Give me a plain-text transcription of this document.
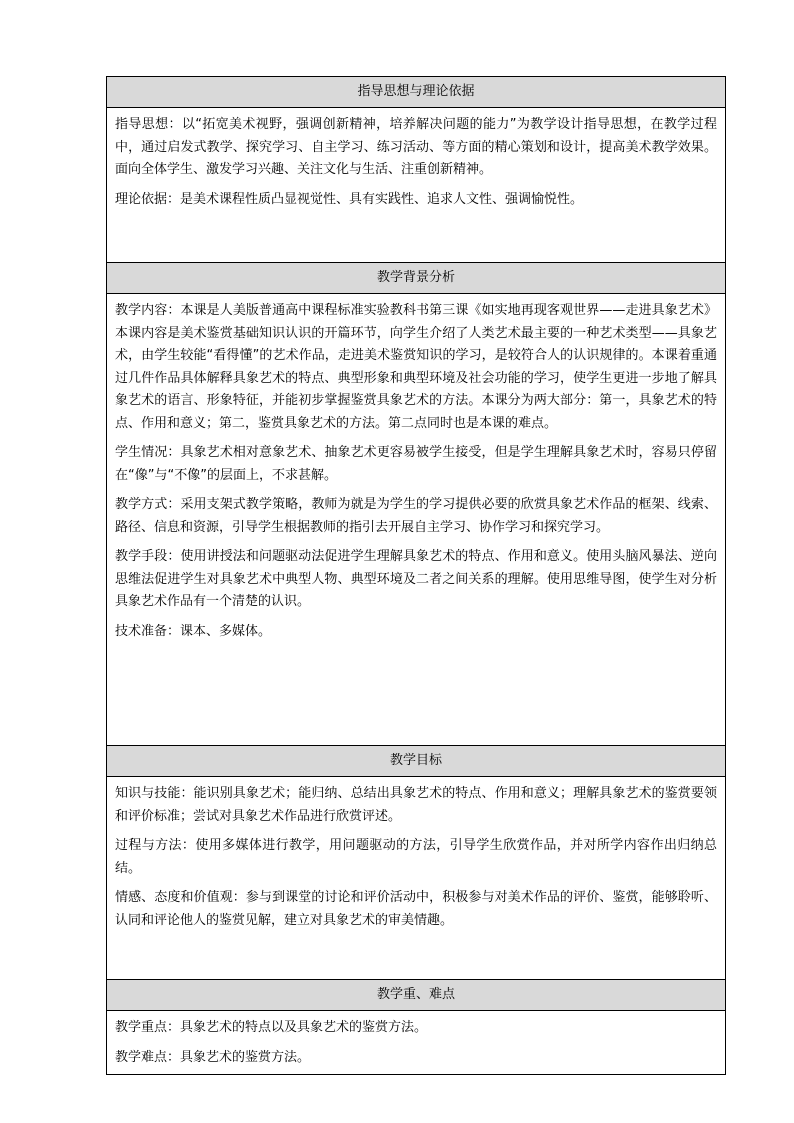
指导思想与理论依据

指导思想：以“拓宽美术视野，强调创新精神，培养解决问题的能力”为教学设计指导思想，在教学过程中，通过启发式教学、探究学习、自主学习、练习活动、等方面的精心策划和设计，提高美术教学效果。面向全体学生、激发学习兴趣、关注文化与生活、注重创新精神。

理论依据：是美术课程性质凸显视觉性、具有实践性、追求人文性、强调愉悦性。

教学背景分析

教学内容：本课是人美版普通高中课程标准实验教科书第三课《如实地再现客观世界——走进具象艺术》本课内容是美术鉴赏基础知识认识的开篇环节，向学生介绍了人类艺术最主要的一种艺术类型——具象艺术，由学生较能“看得懂”的艺术作品，走进美术鉴赏知识的学习，是较符合人的认识规律的。本课着重通过几件作品具体解释具象艺术的特点、典型形象和典型环境及社会功能的学习，使学生更进一步地了解具象艺术的语言、形象特征，并能初步掌握鉴赏具象艺术的方法。本课分为两大部分：第一，具象艺术的特点、作用和意义；第二，鉴赏具象艺术的方法。第二点同时也是本课的难点。

学生情况：具象艺术相对意象艺术、抽象艺术更容易被学生接受，但是学生理解具象艺术时，容易只停留在“像”与“不像”的层面上，不求甚解。

教学方式：采用支架式教学策略，教师为就是为学生的学习提供必要的欣赏具象艺术作品的框架、线索、路径、信息和资源，引导学生根据教师的指引去开展自主学习、协作学习和探究学习。

教学手段：使用讲授法和问题驱动法促进学生理解具象艺术的特点、作用和意义。使用头脑风暴法、逆向思维法促进学生对具象艺术中典型人物、典型环境及二者之间关系的理解。使用思维导图，使学生对分析具象艺术作品有一个清楚的认识。

技术准备：课本、多媒体。

教学目标

知识与技能：能识别具象艺术；能归纳、总结出具象艺术的特点、作用和意义；理解具象艺术的鉴赏要领和评价标准；尝试对具象艺术作品进行欣赏评述。

过程与方法：使用多媒体进行教学，用问题驱动的方法，引导学生欣赏作品，并对所学内容作出归纳总结。

情感、态度和价值观：参与到课堂的讨论和评价活动中，积极参与对美术作品的评价、鉴赏，能够聆听、认同和评论他人的鉴赏见解，建立对具象艺术的审美情趣。

教学重、难点

教学重点：具象艺术的特点以及具象艺术的鉴赏方法。

教学难点：具象艺术的鉴赏方法。
